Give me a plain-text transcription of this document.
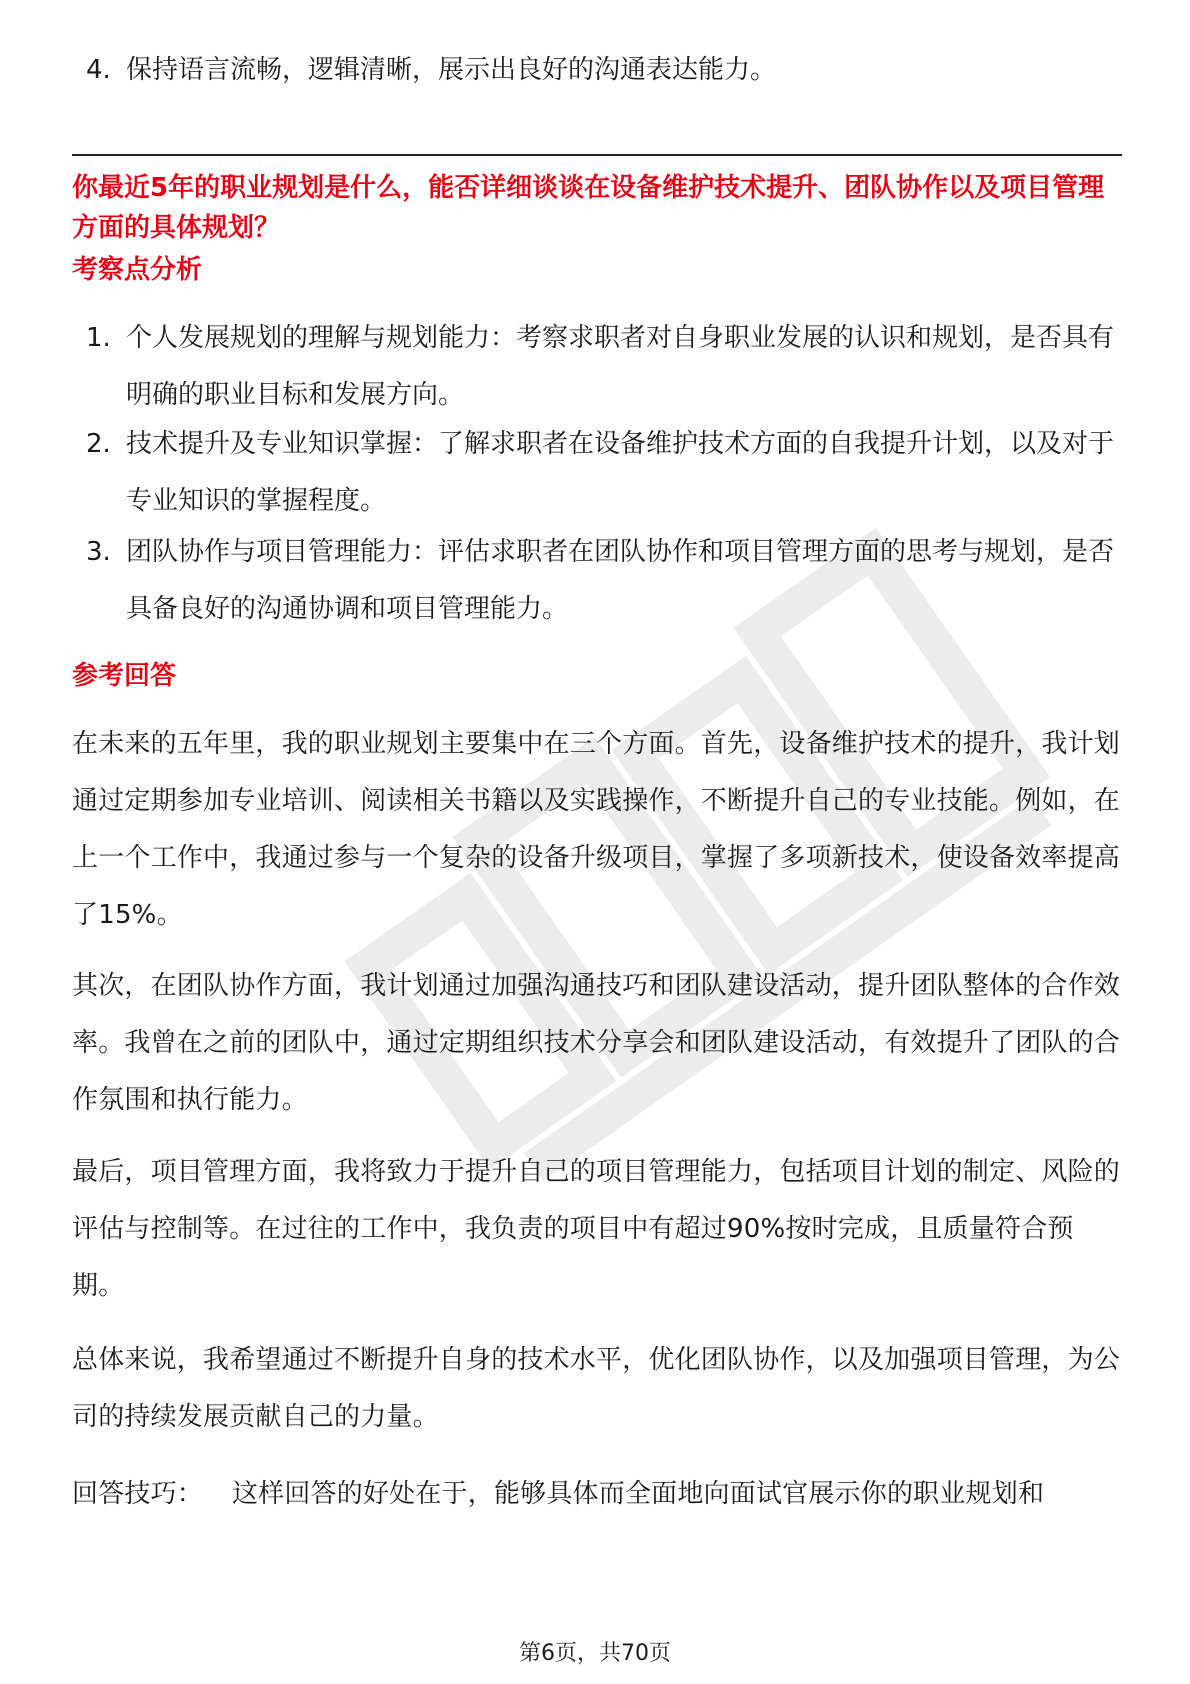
4. 保持语言流畅，逻辑清晰，展示出良好的沟通表达能力。
你最近5年的职业规划是什么，能否详细谈谈在设备维护技术提升、团队协作以及项目管理方面的具体规划？
考察点分析
1. 个人发展规划的理解与规划能力：考察求职者对自身职业发展的认识和规划，是否具有明确的职业目标和发展方向。
2. 技术提升及专业知识掌握：了解求职者在设备维护技术方面的自我提升计划，以及对于专业知识的掌握程度。
3. 团队协作与项目管理能力：评估求职者在团队协作和项目管理方面的思考与规划，是否具备良好的沟通协调和项目管理能力。
参考回答
在未来的五年里，我的职业规划主要集中在三个方面。首先，设备维护技术的提升，我计划通过定期参加专业培训、阅读相关书籍以及实践操作，不断提升自己的专业技能。例如，在上一个工作中，我通过参与一个复杂的设备升级项目，掌握了多项新技术，使设备效率提高了15%。
其次，在团队协作方面，我计划通过加强沟通技巧和团队建设活动，提升团队整体的合作效率。我曾在之前的团队中，通过定期组织技术分享会和团队建设活动，有效提升了团队的合作氛围和执行能力。
最后，项目管理方面，我将致力于提升自己的项目管理能力，包括项目计划的制定、风险的评估与控制等。在过往的工作中，我负责的项目中有超过90%按时完成，且质量符合预期。
总体来说，我希望通过不断提升自身的技术水平，优化团队协作，以及加强项目管理，为公司的持续发展贡献自己的力量。
回答技巧： 这样回答的好处在于，能够具体而全面地向面试官展示你的职业规划和
第6页，共70页
